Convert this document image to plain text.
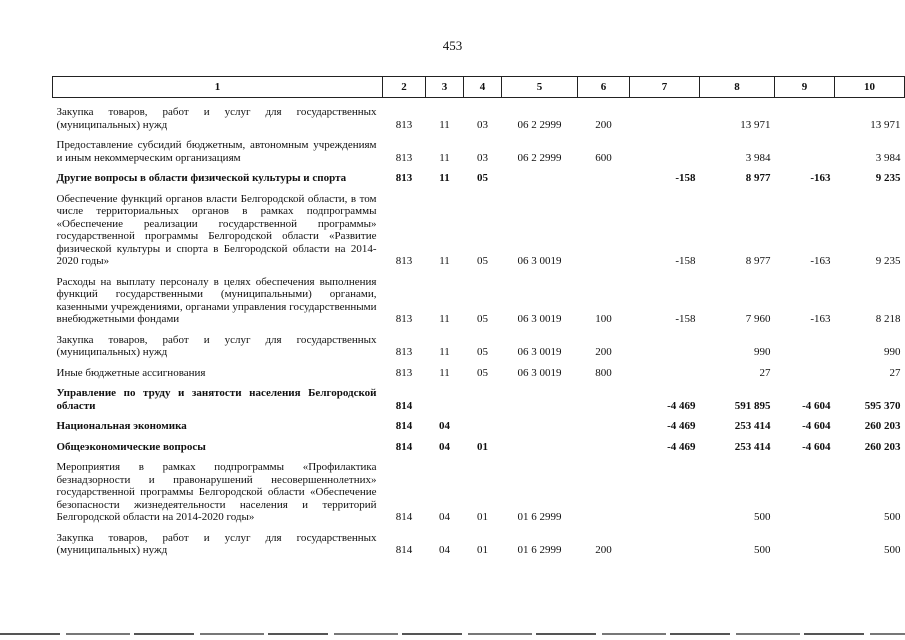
453
1	2	3	4	5	6	7	8	9	10
Закупка товаров, работ и услуг для государственных (муниципальных) нужд	813	11	03	06 2 2999	200		13 971		13 971
Предоставление субсидий бюджетным, автономным учреждениям и иным некоммерческим организациям	813	11	03	06 2 2999	600		3 984		3 984
Другие вопросы в области физической культуры и спорта	813	11	05			-158	8 977	-163	9 235
Обеспечение функций органов власти Белгородской области, в том числе территориальных органов в рамках подпрограммы «Обеспечение реализации государственной программы» государственной программы Белгородской области «Развитие физической культуры и спорта в Белгородской области на 2014-2020 годы»	813	11	05	06 3 0019		-158	8 977	-163	9 235
Расходы на выплату персоналу в целях обеспечения выполнения функций государственными (муниципальными) органами, казенными учреждениями, органами управления государственными внебюджетными фондами	813	11	05	06 3 0019	100	-158	7 960	-163	8 218
Закупка товаров, работ и услуг для государственных (муниципальных) нужд	813	11	05	06 3 0019	200		990		990
Иные бюджетные ассигнования	813	11	05	06 3 0019	800		27		27
Управление по труду и занятости населения Белгородской области	814					-4 469	591 895	-4 604	595 370
Национальная экономика	814	04				-4 469	253 414	-4 604	260 203
Общеэкономические вопросы	814	04	01			-4 469	253 414	-4 604	260 203
Мероприятия в рамках подпрограммы «Профилактика безнадзорности и правонарушений несовершеннолетних» государственной программы Белгородской области «Обеспечение безопасности жизнедеятельности населения и территорий Белгородской области на 2014-2020 годы»	814	04	01	01 6 2999			500		500
Закупка товаров, работ и услуг для государственных (муниципальных) нужд	814	04	01	01 6 2999	200		500		500
